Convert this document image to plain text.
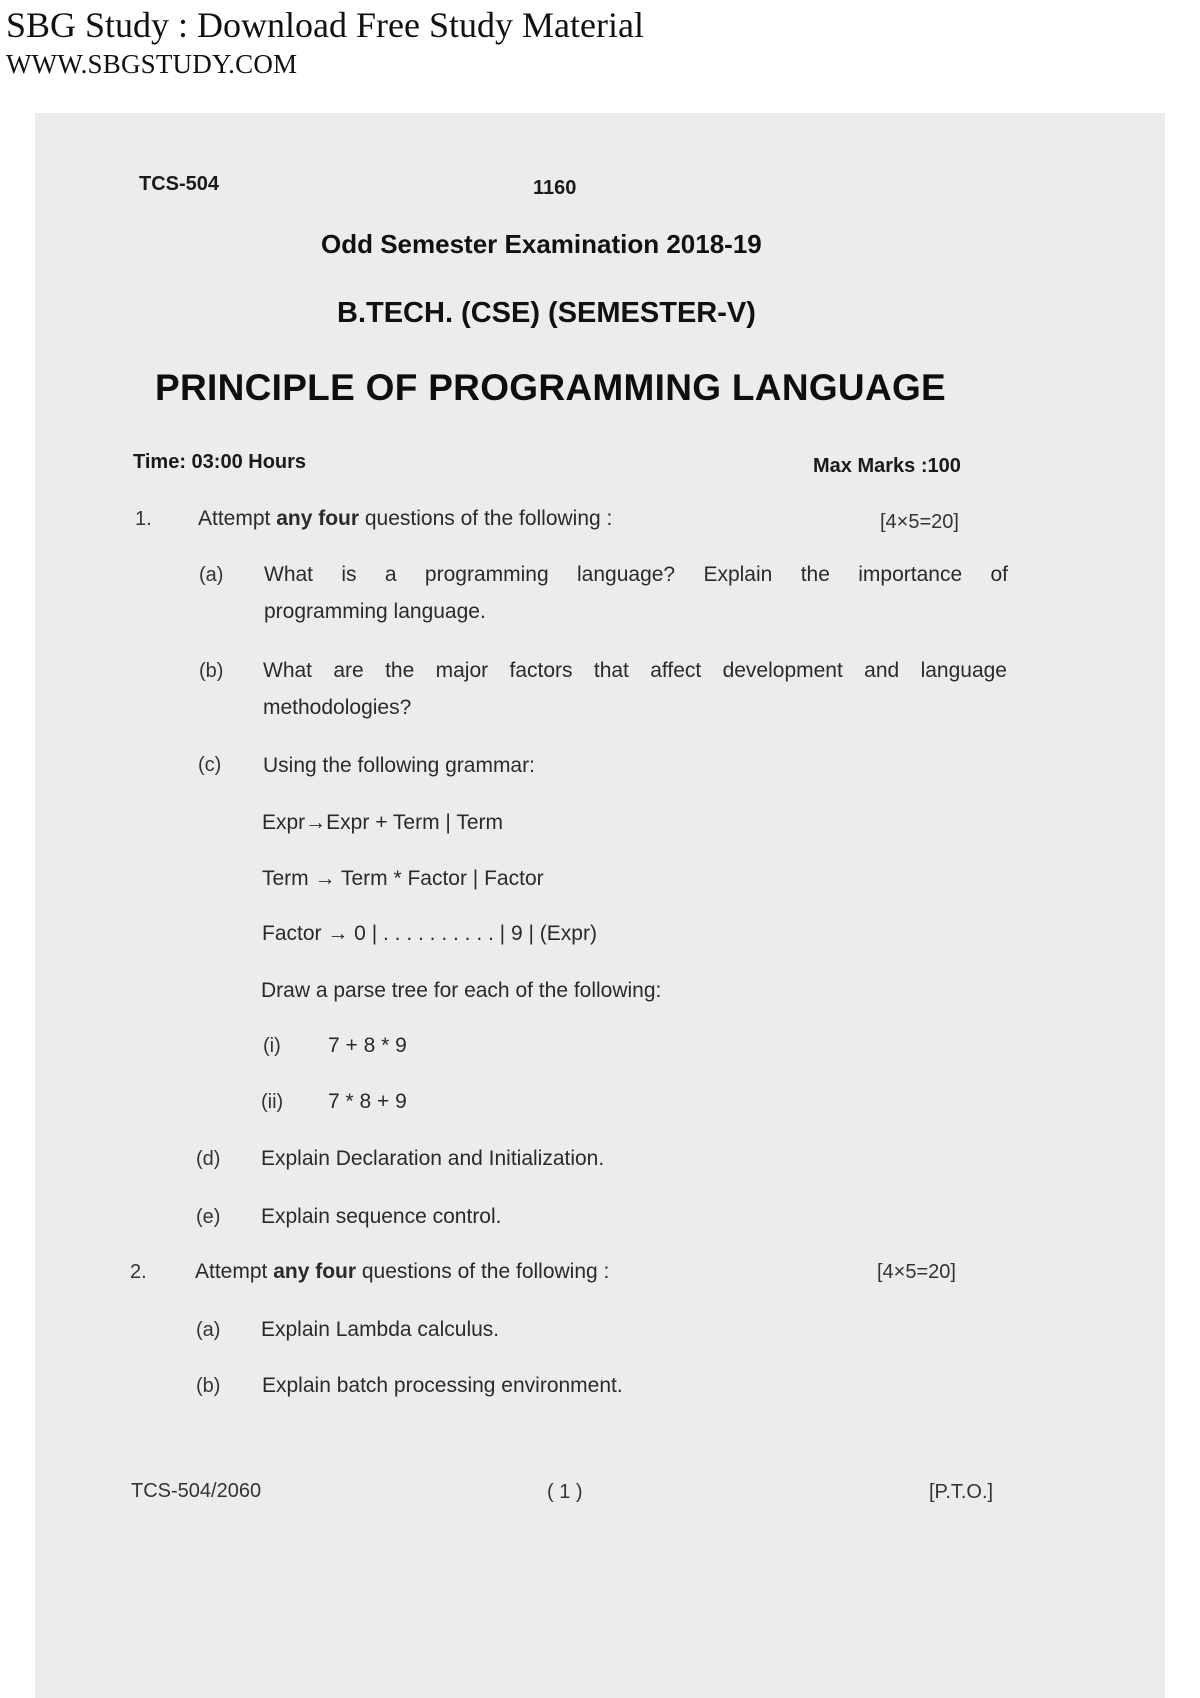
SBG Study : Download Free Study Material
WWW.SBGSTUDY.COM
TCS-504	1160
Odd Semester Examination 2018-19
B.TECH. (CSE) (SEMESTER-V)
PRINCIPLE OF PROGRAMMING LANGUAGE
Time: 03:00 Hours	Max Marks :100
1. Attempt any four questions of the following :	[4×5=20]
(a) What is a programming language? Explain the importance of
programming language.
(b) What are the major factors that affect development and language
methodologies?
(c) Using the following grammar:
Expr→Expr + Term | Term
Term → Term * Factor | Factor
Factor → 0 | . . . . . . . . . . | 9 | (Expr)
Draw a parse tree for each of the following:
(i) 7 + 8 * 9
(ii) 7 * 8 + 9
(d) Explain Declaration and Initialization.
(e) Explain sequence control.
2. Attempt any four questions of the following :	[4×5=20]
(a) Explain Lambda calculus.
(b) Explain batch processing environment.
TCS-504/2060	( 1 )	[P.T.O.]
